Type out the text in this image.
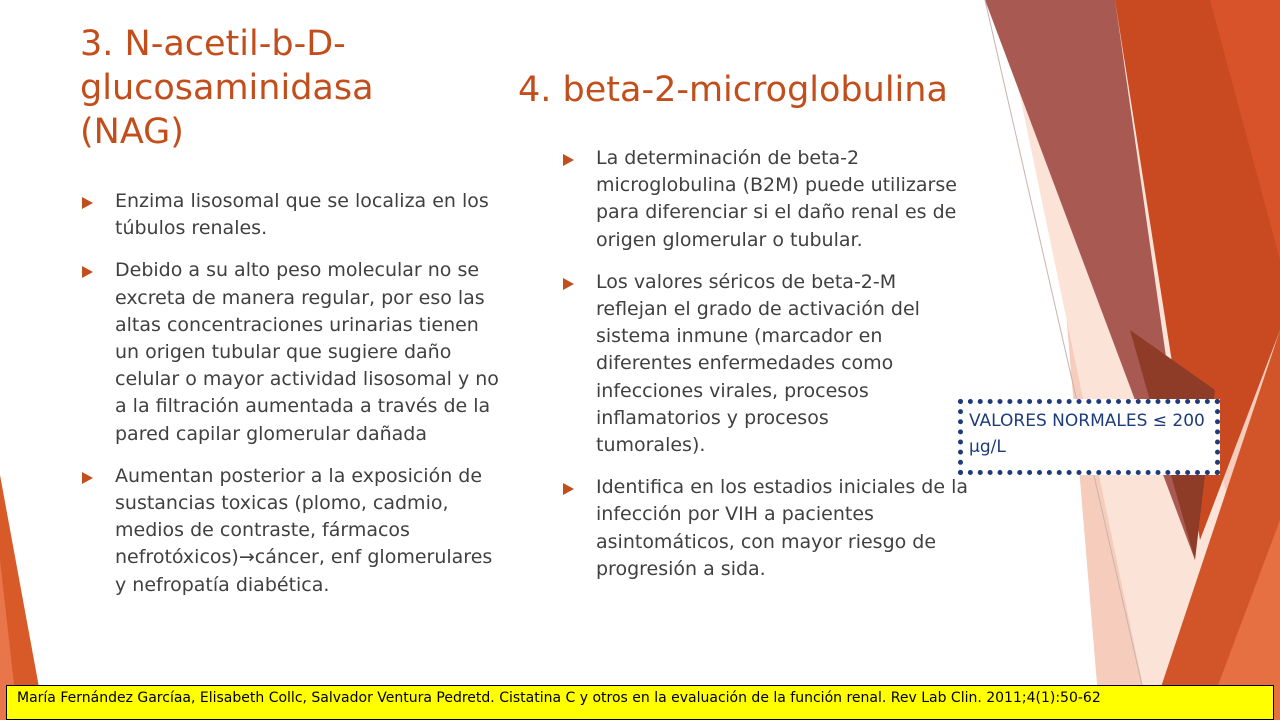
3. N-acetil-b-D-glucosaminidasa (NAG)
4. beta-2-microglobulina
Enzima lisosomal que se localiza en los túbulos renales.
Debido a su alto peso molecular no se excreta de manera regular, por eso las altas concentraciones urinarias tienen un origen tubular que sugiere daño celular o mayor actividad lisosomal y no a la filtración aumentada a través de la pared capilar glomerular dañada
Aumentan posterior a la exposición de sustancias toxicas (plomo, cadmio, medios de contraste, fármacos nefrotóxicos)→cáncer, enf glomerulares y nefropatía diabética.
La determinación de beta-2 microglobulina (B2M) puede utilizarse para diferenciar si el daño renal es de origen glomerular o tubular.
Los valores séricos de beta-2-M reflejan el grado de activación del sistema inmune (marcador en diferentes enfermedades como infecciones virales, procesos inflamatorios y procesos tumorales).
Identifica en los estadios iniciales de la infección por VIH a pacientes asintomáticos, con mayor riesgo de progresión a sida.
VALORES NORMALES ≤ 200 µg/L
María Fernández Garcíaa, Elisabeth Collc, Salvador Ventura Pedretd. Cistatina C y otros en la evaluación de la función renal. Rev Lab Clin. 2011;4(1):50-62
